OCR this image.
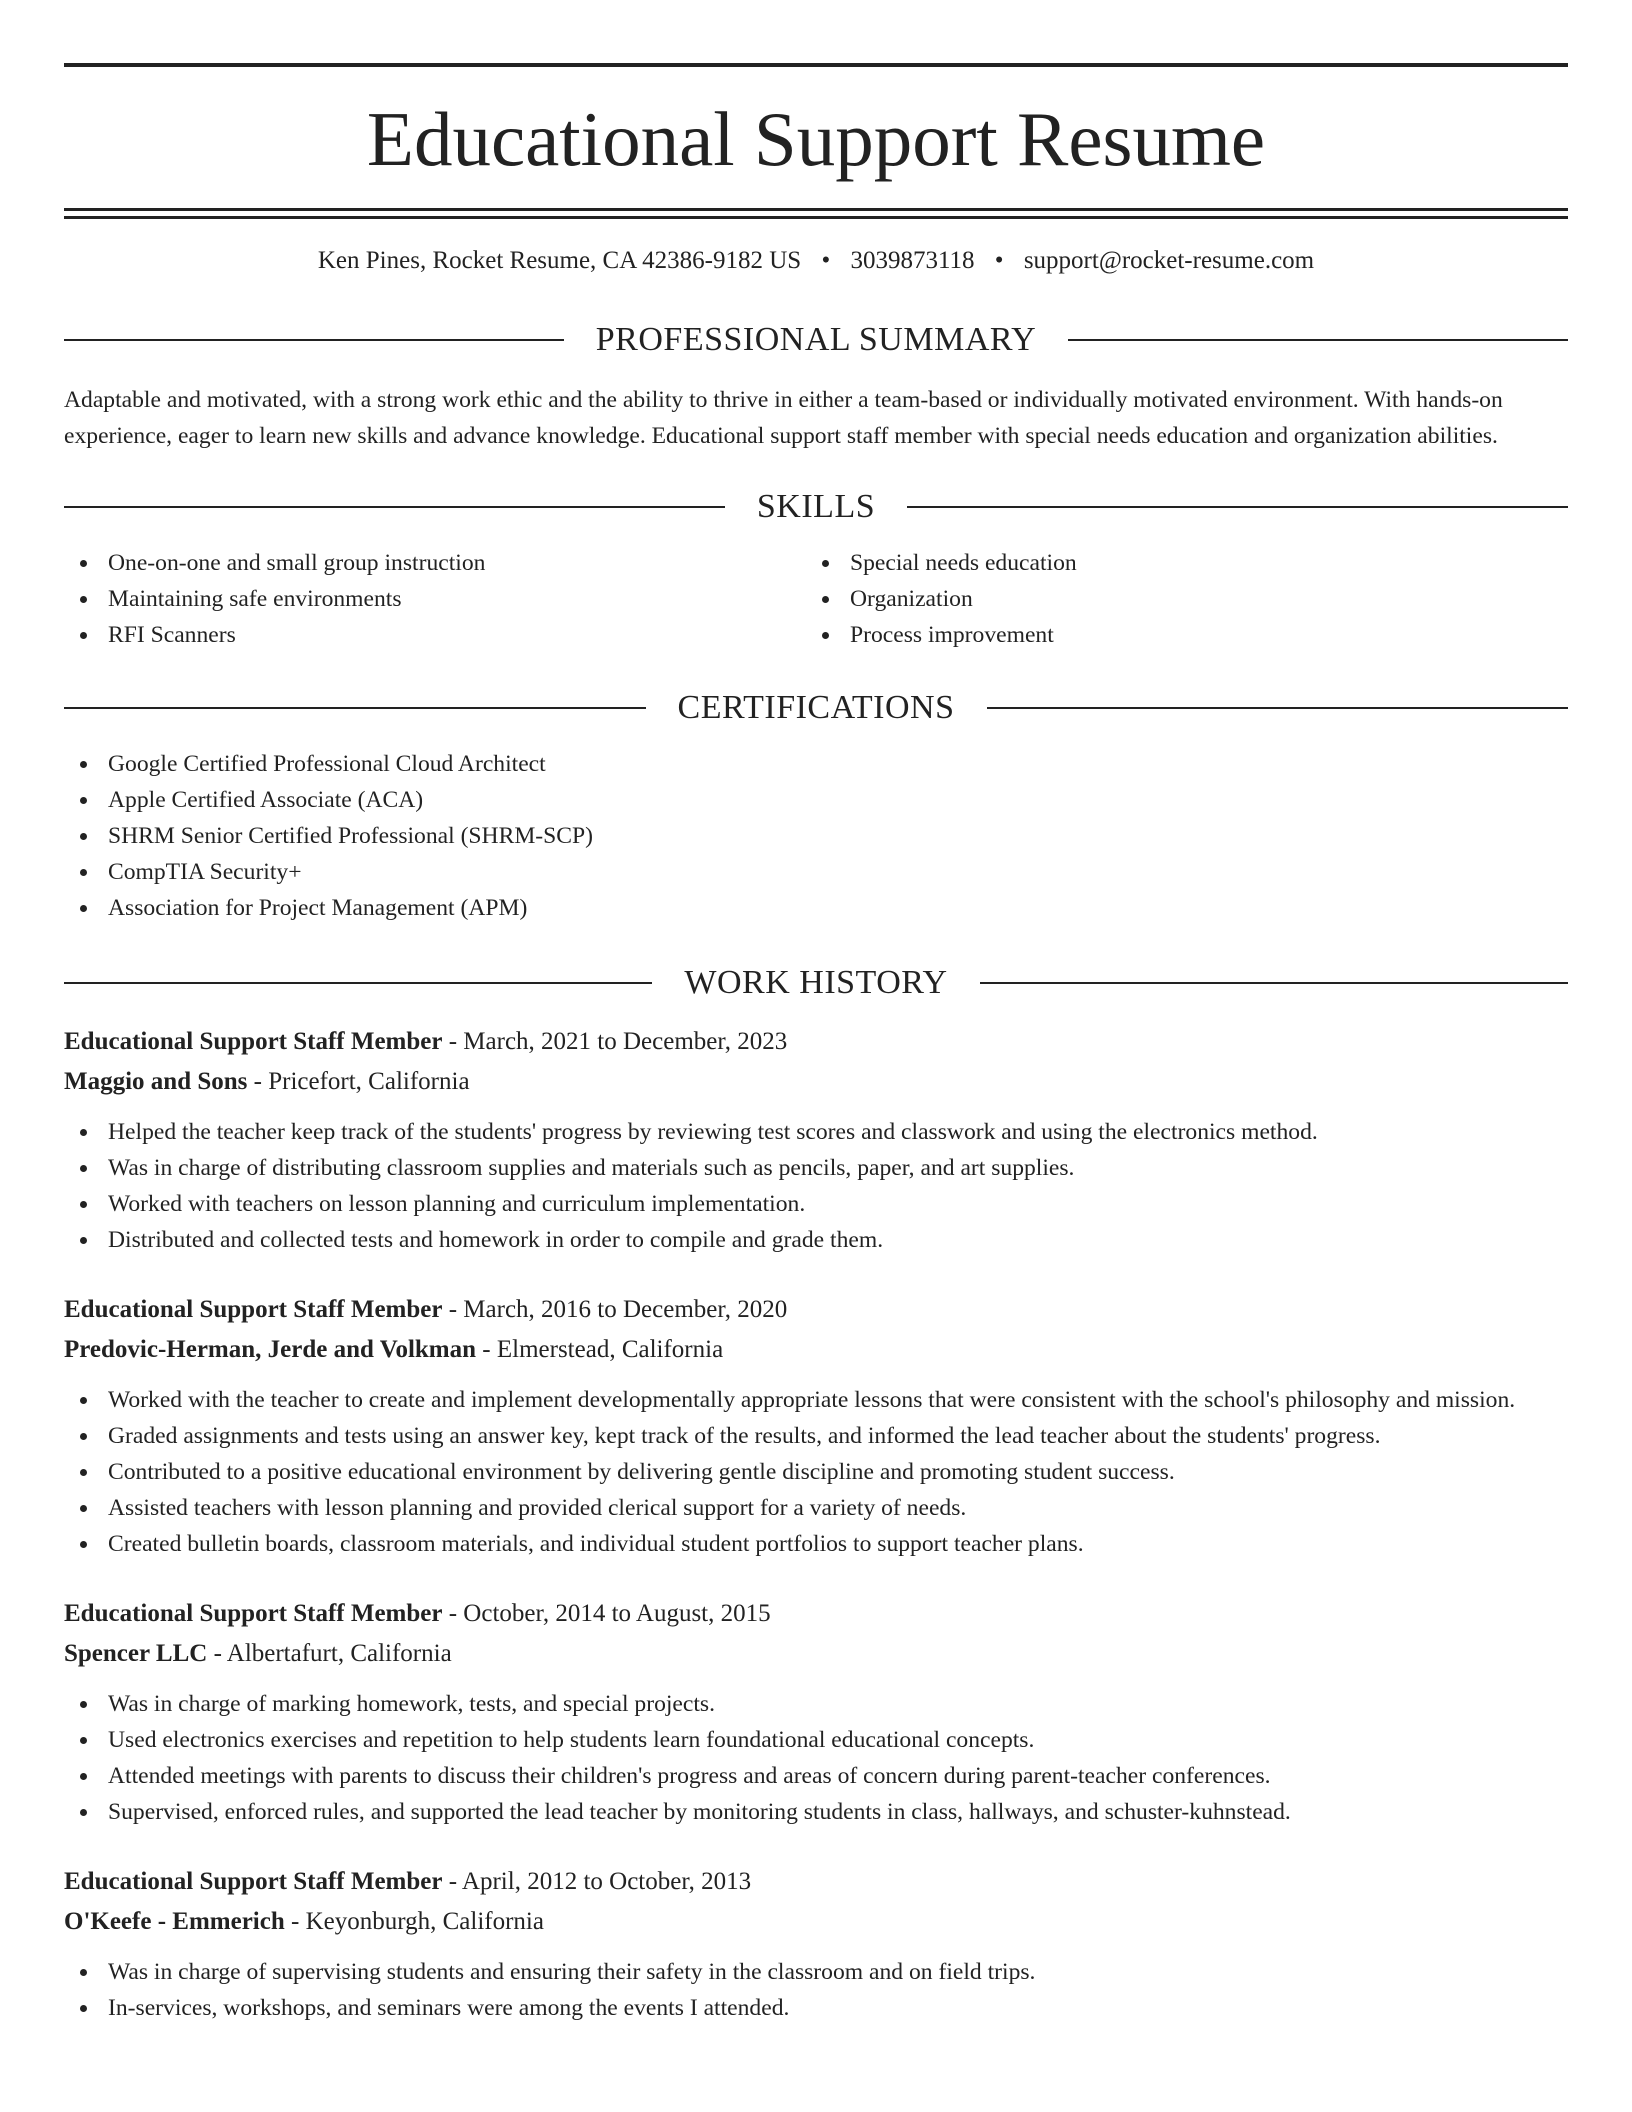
Educational Support Resume
Ken Pines, Rocket Resume, CA 42386-9182 US • 3039873118 • support@rocket-resume.com
PROFESSIONAL SUMMARY

Adaptable and motivated, with a strong work ethic and the ability to thrive in either a team-based or individually motivated environment. With hands-on experience, eager to learn new skills and advance knowledge. Educational support staff member with special needs education and organization abilities.

SKILLS
One-on-one and small group instruction
Maintaining safe environments
RFI Scanners
Special needs education
Organization
Process improvement
CERTIFICATIONS
Google Certified Professional Cloud Architect
Apple Certified Associate (ACA)
SHRM Senior Certified Professional (SHRM-SCP)
CompTIA Security+
Association for Project Management (APM)
WORK HISTORY
Educational Support Staff Member - March, 2021 to December, 2023
Maggio and Sons - Pricefort, California
Helped the teacher keep track of the students' progress by reviewing test scores and classwork and using the electronics method.
Was in charge of distributing classroom supplies and materials such as pencils, paper, and art supplies.
Worked with teachers on lesson planning and curriculum implementation.
Distributed and collected tests and homework in order to compile and grade them.
Educational Support Staff Member - March, 2016 to December, 2020
Predovic-Herman, Jerde and Volkman - Elmerstead, California
Worked with the teacher to create and implement developmentally appropriate lessons that were consistent with the school's philosophy and mission.
Graded assignments and tests using an answer key, kept track of the results, and informed the lead teacher about the students' progress.
Contributed to a positive educational environment by delivering gentle discipline and promoting student success.
Assisted teachers with lesson planning and provided clerical support for a variety of needs.
Created bulletin boards, classroom materials, and individual student portfolios to support teacher plans.
Educational Support Staff Member - October, 2014 to August, 2015
Spencer LLC - Albertafurt, California
Was in charge of marking homework, tests, and special projects.
Used electronics exercises and repetition to help students learn foundational educational concepts.
Attended meetings with parents to discuss their children's progress and areas of concern during parent-teacher conferences.
Supervised, enforced rules, and supported the lead teacher by monitoring students in class, hallways, and schuster-kuhnstead.
Educational Support Staff Member - April, 2012 to October, 2013
O'Keefe - Emmerich - Keyonburgh, California
Was in charge of supervising students and ensuring their safety in the classroom and on field trips.
In-services, workshops, and seminars were among the events I attended.
